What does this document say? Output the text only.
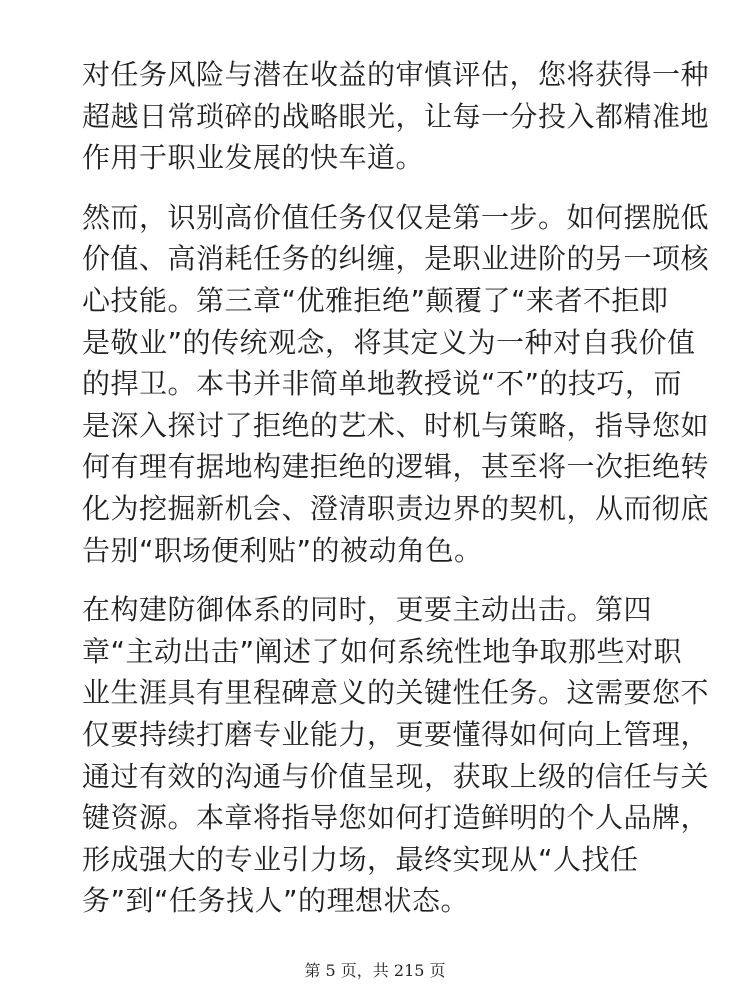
对任务风险与潜在收益的审慎评估，您将获得一种
超越日常琐碎的战略眼光，让每一分投入都精准地
作用于职业发展的快车道。
然而，识别高价值任务仅仅是第一步。如何摆脱低
价值、高消耗任务的纠缠，是职业进阶的另一项核
心技能。第三章“优雅拒绝”颠覆了“来者不拒即
是敬业”的传统观念，将其定义为一种对自我价值
的捍卫。本书并非简单地教授说“不”的技巧，而
是深入探讨了拒绝的艺术、时机与策略，指导您如
何有理有据地构建拒绝的逻辑，甚至将一次拒绝转
化为挖掘新机会、澄清职责边界的契机，从而彻底
告别“职场便利贴”的被动角色。
在构建防御体系的同时，更要主动出击。第四
章“主动出击”阐述了如何系统性地争取那些对职
业生涯具有里程碑意义的关键性任务。这需要您不
仅要持续打磨专业能力，更要懂得如何向上管理，
通过有效的沟通与价值呈现，获取上级的信任与关
键资源。本章将指导您如何打造鲜明的个人品牌，
形成强大的专业引力场，最终实现从“人找任
务”到“任务找人”的理想状态。
第 5 页，共 215 页
